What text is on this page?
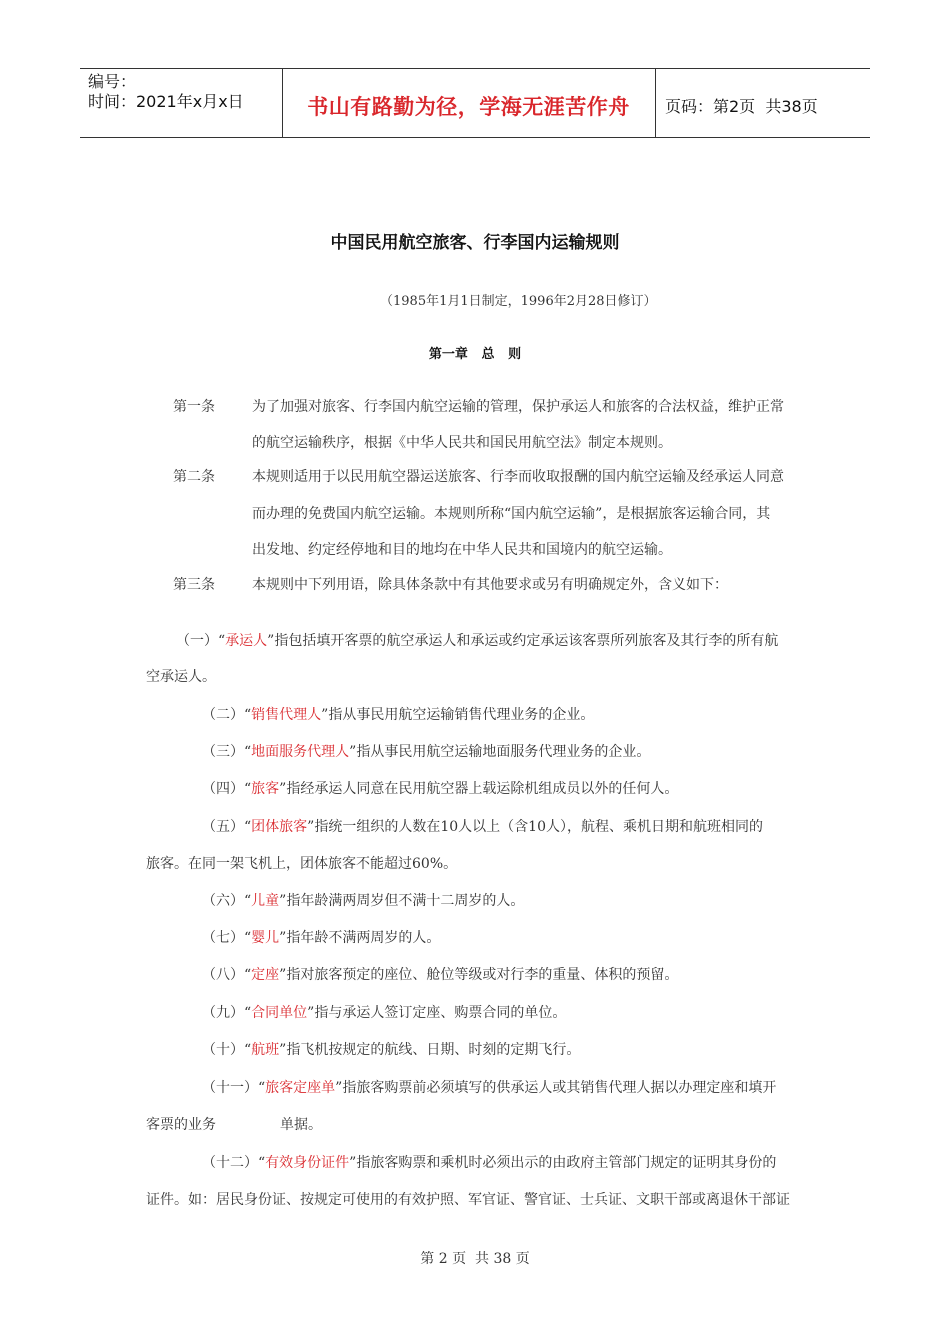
编号：
时间：2021年x月x日	书山有路勤为径，学海无涯苦作舟	页码：第2页  共38页
中国民用航空旅客、行李国内运输规则
（1985年1月1日制定，1996年2月28日修订）
第一章   总   则
第一条	为了加强对旅客、行李国内航空运输的管理，保护承运人和旅客的合法权益，维护正常
的航空运输秩序，根据《中华人民共和国民用航空法》制定本规则。
第二条	本规则适用于以民用航空器运送旅客、行李而收取报酬的国内航空运输及经承运人同意
而办理的免费国内航空运输。本规则所称“国内航空运输”，是根据旅客运输合同，其
出发地、约定经停地和目的地均在中华人民共和国境内的航空运输。
第三条	本规则中下列用语，除具体条款中有其他要求或另有明确规定外，含义如下：
（一）“承运人”指包括填开客票的航空承运人和承运或约定承运该客票所列旅客及其行李的所有航
空承运人。
（二）“销售代理人”指从事民用航空运输销售代理业务的企业。
（三）“地面服务代理人”指从事民用航空运输地面服务代理业务的企业。
（四）“旅客”指经承运人同意在民用航空器上载运除机组成员以外的任何人。
（五）“团体旅客”指统一组织的人数在10人以上（含10人），航程、乘机日期和航班相同的
旅客。在同一架飞机上，团体旅客不能超过60%。
（六）“儿童”指年龄满两周岁但不满十二周岁的人。
（七）“婴儿”指年龄不满两周岁的人。
（八）“定座”指对旅客预定的座位、舱位等级或对行李的重量、体积的预留。
（九）“合同单位”指与承运人签订定座、购票合同的单位。
（十）“航班”指飞机按规定的航线、日期、时刻的定期飞行。
（十一）“旅客定座单”指旅客购票前必须填写的供承运人或其销售代理人据以办理定座和填开
客票的业务	单据。
（十二）“有效身份证件”指旅客购票和乘机时必须出示的由政府主管部门规定的证明其身份的
证件。如：居民身份证、按规定可使用的有效护照、军官证、警官证、士兵证、文职干部或离退休干部证
第 2 页  共 38 页
